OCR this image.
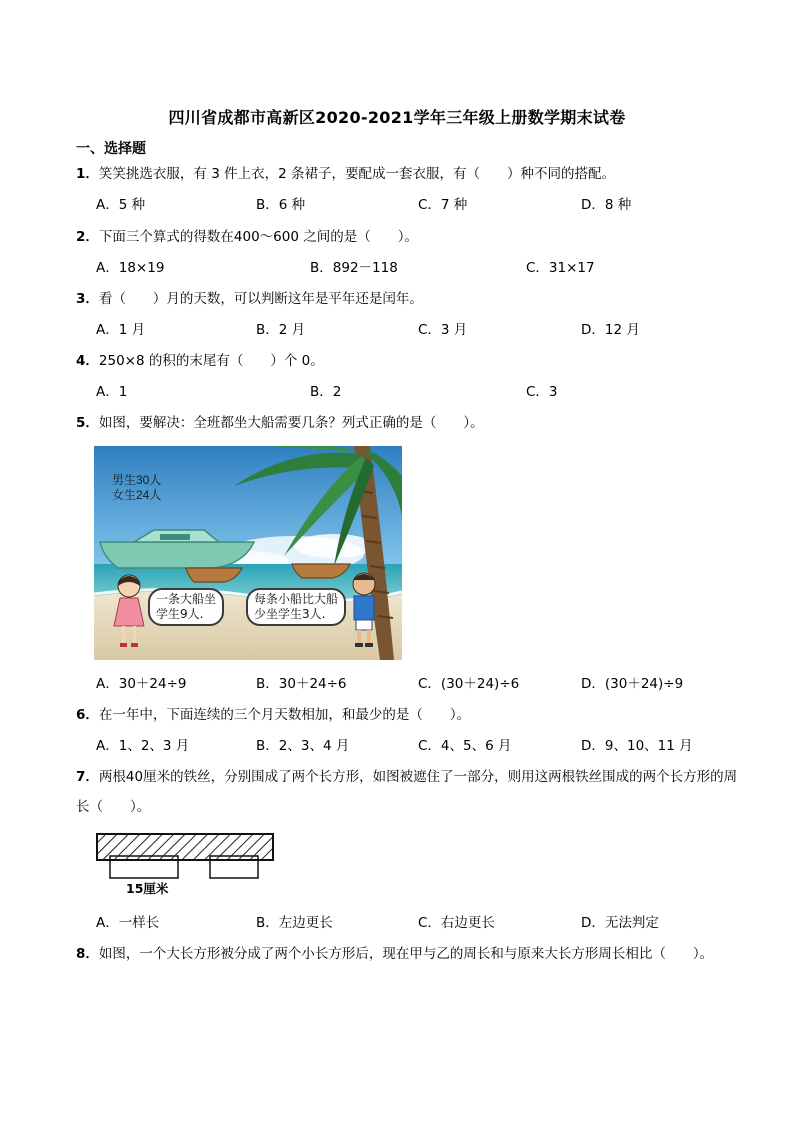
四川省成都市高新区2020-2021学年三年级上册数学期末试卷
一、选择题
1．笑笑挑选衣服，有 3 件上衣，2 条裙子，要配成一套衣服，有（　　）种不同的搭配。
A．5 种	B．6 种	C．7 种	D．8 种
2．下面三个算式的得数在400～600 之间的是（　　）。
A．18×19	B．892－118	C．31×17
3．看（　　）月的天数，可以判断这年是平年还是闰年。
A．1 月	B．2 月	C．3 月	D．12 月
4．250×8 的积的末尾有（　　）个 0。
A．1	B．2	C．3
5．如图，要解决：全班都坐大船需要几条？列式正确的是（　　）。
男生30人
女生24人
一条大船坐
学生9人.
每条小船比大船
少坐学生3人.
A．30＋24÷9	B．30＋24÷6	C．(30＋24)÷6	D．(30＋24)÷9
6．在一年中，下面连续的三个月天数相加，和最少的是（　　）。
A．1、2、3 月	B．2、3、4 月	C．4、5、6 月	D．9、10、11 月
7．两根40厘米的铁丝，分别围成了两个长方形，如图被遮住了一部分，则用这两根铁丝围成的两个长方形的周长（　　）。
15厘米
A．一样长	B．左边更长	C．右边更长	D．无法判定
8．如图，一个大长方形被分成了两个小长方形后，现在甲与乙的周长和与原来大长方形周长相比（　　）。
